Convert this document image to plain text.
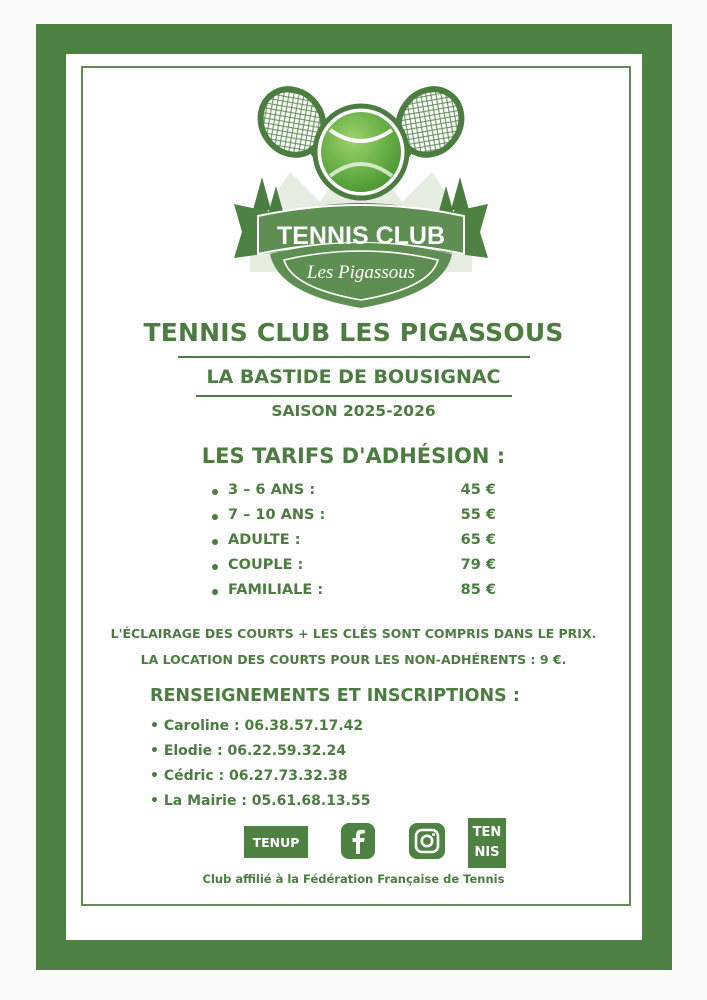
TENNIS CLUB
Les Pigassous
TENNIS CLUB LES PIGASSOUS
LA BASTIDE DE BOUSIGNAC
SAISON 2025-2026
LES TARIFS D'ADHÉSION :
3 – 6 ANS :	45 €
7 – 10 ANS :	55 €
ADULTE :	65 €
COUPLE :	79 €
FAMILIALE :	85 €
L'ÉCLAIRAGE DES COURTS + LES CLÉS SONT COMPRIS DANS LE PRIX.
LA LOCATION DES COURTS POUR LES NON-ADHÉRENTS : 9 €.
RENSEIGNEMENTS ET INSCRIPTIONS :
• Caroline : 06.38.57.17.42
• Elodie : 06.22.59.32.24
• Cédric : 06.27.73.32.38
• La Mairie : 05.61.68.13.55
TENUP
TEN
NIS
Club affilié à la Fédération Française de Tennis
